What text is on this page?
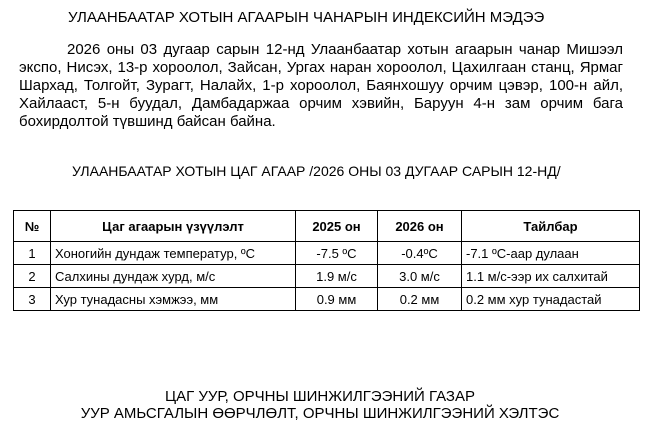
УЛААНБААТАР ХОТЫН АГААРЫН ЧАНАРЫН ИНДЕКСИЙН МЭДЭЭ
2026 оны 03 дугаар сарын 12-нд Улаанбаатар хотын агаарын чанар Мишээл экспо, Нисэх, 13-р хороолол, Зайсан, Ургах наран хороолол, Цахилгаан станц, Ярмаг Шархад, Толгойт, Зурагт, Налайх, 1-р хороолол, Баянхошуу орчим цэвэр, 100-н айл, Хайлааст, 5-н буудал, Дамбадаржаа орчим хэвийн, Баруун 4-н зам орчим бага бохирдолтой түвшинд байсан байна.
УЛААНБААТАР ХОТЫН ЦАГ АГААР /2026 ОНЫ 03 ДУГААР САРЫН 12-НД/
№	Цаг агаарын үзүүлэлт	2025 он	2026 он	Тайлбар
1	Хоногийн дундаж температур, ºС	-7.5 ºС	-0.4ºС	-7.1 ºС-аар дулаан
2	Салхины дундаж хурд, м/с	1.9 м/с	3.0 м/с	1.1 м/с-ээр их салхитай
3	Хур тунадасны хэмжээ, мм	0.9 мм	0.2 мм	0.2 мм хур тунадастай
ЦАГ УУР, ОРЧНЫ ШИНЖИЛГЭЭНИЙ ГАЗАР
УУР АМЬСГАЛЫН ӨӨРЧЛӨЛТ, ОРЧНЫ ШИНЖИЛГЭЭНИЙ ХЭЛТЭС
